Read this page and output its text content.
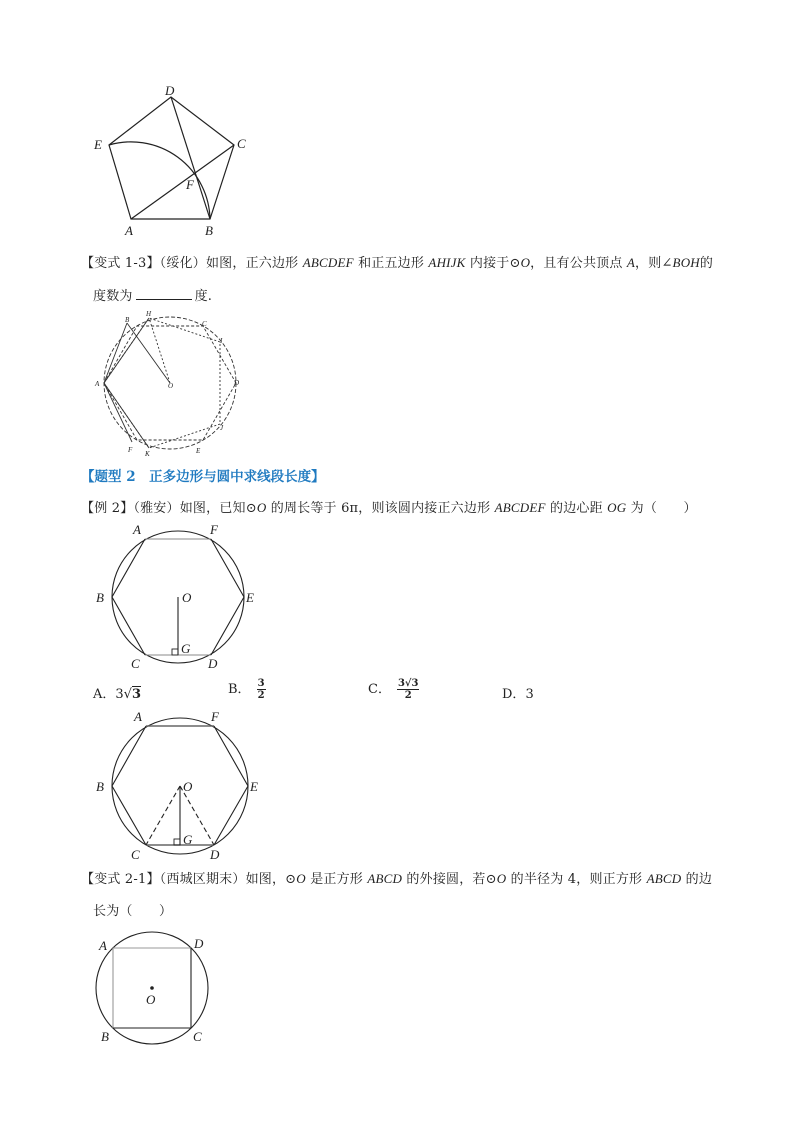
D
E	C
F
A	B
【变式 1-3】（绥化）如图，正六边形 ABCDEF 和正五边形 AHIJK 内接于⊙O，且有公共顶点 A，则∠BOH的
度数为	度.
B
H
C
I
D
J
E
K
F
A	O
【题型 2　正多边形与圆中求线段长度】
【例 2】（雅安）如图，已知⊙O 的周长等于 6π，则该圆内接正六边形 ABCDEF 的边心距 OG 为（　　）
A	F
B	O	E
G
C	D
A．3√3	B． $\frac{3}{2}$	C． $\frac{3√3}{2}$	D．3
A	F
B	O	E
G
C	D
【变式 2-1】（西城区期末）如图，⊙O 是正方形 ABCD 的外接圆，若⊙O 的半径为 4，则正方形 ABCD 的边
长为（　　）
A	D
O
B	C
